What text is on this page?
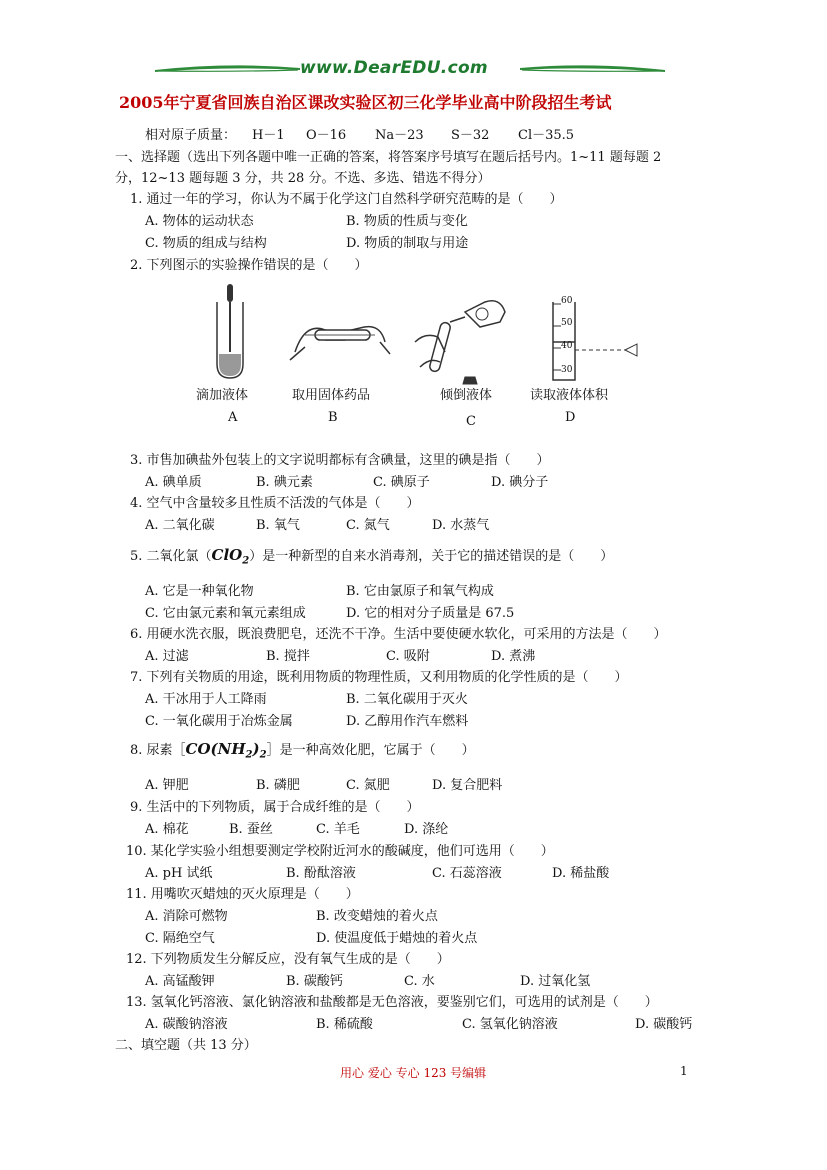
www.DearEDU.com
2005年宁夏省回族自治区课改实验区初三化学毕业高中阶段招生考试
相对原子质量： H－1 O－16 Na－23 S－32 Cl－35.5
一、选择题（选出下列各题中唯一正确的答案，将答案序号填写在题后括号内。1~11 题每题 2
分，12~13 题每题 3 分，共 28 分。不选、多选、错选不得分）
1. 通过一年的学习，你认为不属于化学这门自然科学研究范畴的是（　　）
A. 物体的运动状态	B. 物质的性质与变化
C. 物质的组成与结构	D. 物质的制取与用途
2. 下列图示的实验操作错误的是（　　）
60
50
40
30
滴加液体	取用固体药品	倾倒液体	读取液体体积
A	B	C	D
3. 市售加碘盐外包装上的文字说明都标有含碘量，这里的碘是指（　　）
A. 碘单质	B. 碘元素	C. 碘原子	D. 碘分子
4. 空气中含量较多且性质不活泼的气体是（　　）
A. 二氧化碳	B. 氧气	C. 氮气	D. 水蒸气
5. 二氧化氯（ClO$_2$）是一种新型的自来水消毒剂，关于它的描述错误的是（　　）
A. 它是一种氧化物	B. 它由氯原子和氧气构成
C. 它由氯元素和氧元素组成	D. 它的相对分子质量是 67.5
6. 用硬水洗衣服，既浪费肥皂，还洗不干净。生活中要使硬水软化，可采用的方法是（　　）
A. 过滤	B. 搅拌	C. 吸附	D. 煮沸
7. 下列有关物质的用途，既利用物质的物理性质，又利用物质的化学性质的是（　　）
A. 干冰用于人工降雨	B. 二氧化碳用于灭火
C. 一氧化碳用于冶炼金属	D. 乙醇用作汽车燃料
8. 尿素$[CO(NH_2)_2]$是一种高效化肥，它属于（　　）
A. 钾肥	B. 磷肥	C. 氮肥	D. 复合肥料
9. 生活中的下列物质，属于合成纤维的是（　　）
A. 棉花	B. 蚕丝	C. 羊毛	D. 涤纶
10. 某化学实验小组想要测定学校附近河水的酸碱度，他们可选用（　　）
A. pH 试纸	B. 酚酞溶液	C. 石蕊溶液	D. 稀盐酸
11. 用嘴吹灭蜡烛的灭火原理是（　　）
A. 消除可燃物	B. 改变蜡烛的着火点
C. 隔绝空气	D. 使温度低于蜡烛的着火点
12. 下列物质发生分解反应，没有氧气生成的是（　　）
A. 高锰酸钾	B. 碳酸钙	C. 水	D. 过氧化氢
13. 氢氧化钙溶液、氯化钠溶液和盐酸都是无色溶液，要鉴别它们，可选用的试剂是（　　）
A. 碳酸钠溶液	B. 稀硫酸	C. 氢氧化钠溶液	D. 碳酸钙
二、填空题（共 13 分）
用心 爱心 专心 123 号编辑	1
